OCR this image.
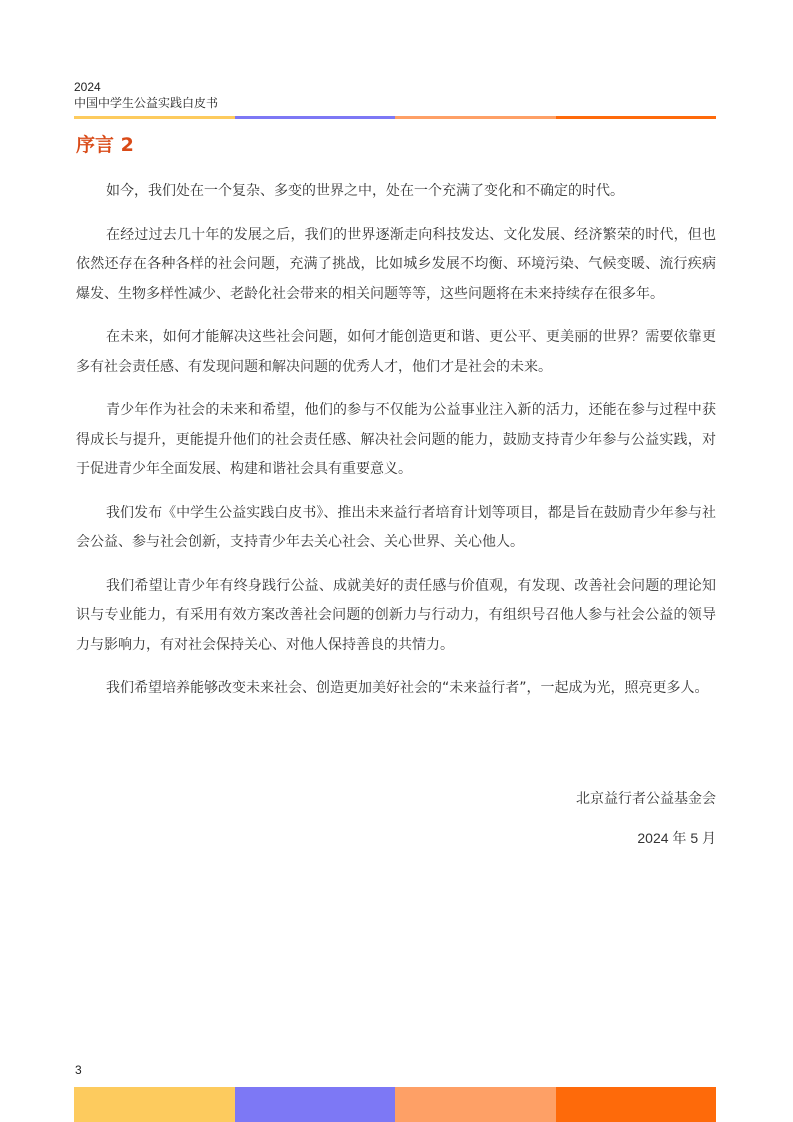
2024
中国中学生公益实践白皮书
序言 2

如今，我们处在一个复杂、多变的世界之中，处在一个充满了变化和不确定的时代。

在经过过去几十年的发展之后，我们的世界逐渐走向科技发达、文化发展、经济繁荣的时代，但也依然还存在各种各样的社会问题，充满了挑战，比如城乡发展不均衡、环境污染、气候变暖、流行疾病爆发、生物多样性减少、老龄化社会带来的相关问题等等，这些问题将在未来持续存在很多年。

在未来，如何才能解决这些社会问题，如何才能创造更和谐、更公平、更美丽的世界？需要依靠更多有社会责任感、有发现问题和解决问题的优秀人才，他们才是社会的未来。

青少年作为社会的未来和希望，他们的参与不仅能为公益事业注入新的活力，还能在参与过程中获得成长与提升，更能提升他们的社会责任感、解决社会问题的能力，鼓励支持青少年参与公益实践，对于促进青少年全面发展、构建和谐社会具有重要意义。

我们发布《中学生公益实践白皮书》、推出未来益行者培育计划等项目，都是旨在鼓励青少年参与社会公益、参与社会创新，支持青少年去关心社会、关心世界、关心他人。

我们希望让青少年有终身践行公益、成就美好的责任感与价值观，有发现、改善社会问题的理论知识与专业能力，有采用有效方案改善社会问题的创新力与行动力，有组织号召他人参与社会公益的领导力与影响力，有对社会保持关心、对他人保持善良的共情力。

我们希望培养能够改变未来社会、创造更加美好社会的“未来益行者”，一起成为光，照亮更多人。

北京益行者公益基金会
2024 年 5 月
3
